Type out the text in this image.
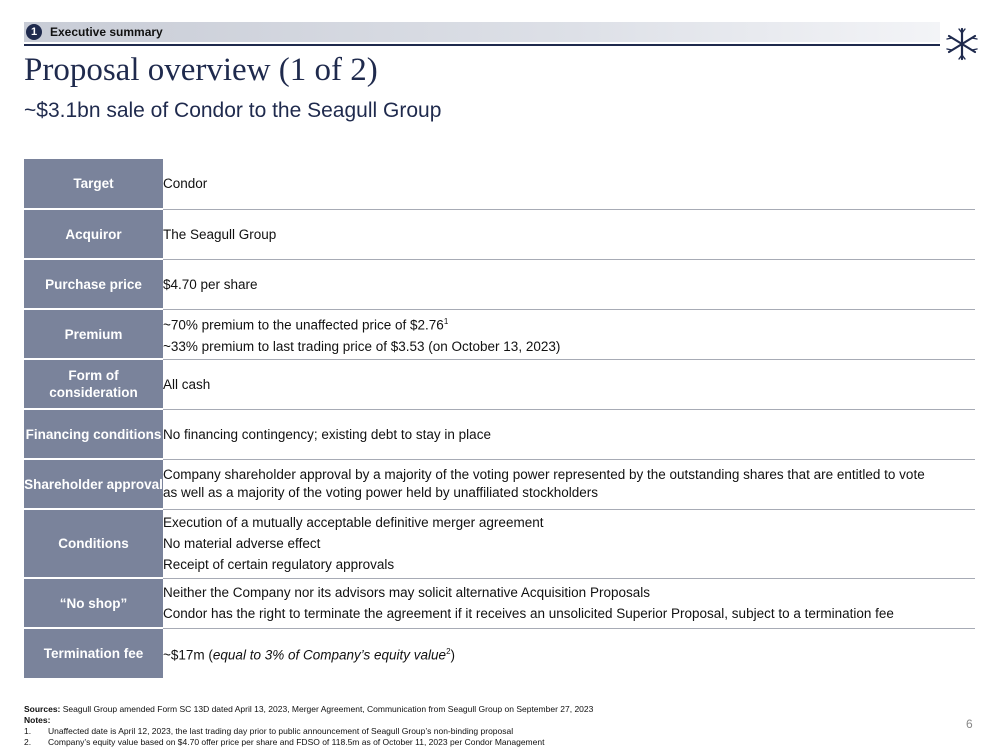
1	Executive summary
Proposal overview (1 of 2)
~$3.1bn sale of Condor to the Seagull Group
Target	Condor

Acquiror	The Seagull Group

Purchase price	$4.70 per share

Premium	~70% premium to the unaffected price of $2.76$^1$
~33% premium to last trading price of $3.53 (on October 13, 2023)

Form of consideration	All cash

Financing conditions	No financing contingency; existing debt to stay in place

Shareholder approval	Company shareholder approval by a majority of the voting power represented by the outstanding shares that are entitled to vote
as well as a majority of the voting power held by unaffiliated stockholders

Conditions	Execution of a mutually acceptable definitive merger agreement
No material adverse effect
Receipt of certain regulatory approvals

“No shop”	Neither the Company nor its advisors may solicit alternative Acquisition Proposals
Condor has the right to terminate the agreement if it receives an unsolicited Superior Proposal, subject to a termination fee

Termination fee	~$17m (equal to 3% of Company’s equity value$^2$)
Sources: Seagull Group amended Form SC 13D dated April 13, 2023, Merger Agreement, Communication from Seagull Group on September 27, 2023
Notes:
1.	Unaffected date is April 12, 2023, the last trading day prior to public announcement of Seagull Group’s non-binding proposal
2.	Company’s equity value based on $4.70 offer price per share and FDSO of 118.5m as of October 11, 2023 per Condor Management
6
